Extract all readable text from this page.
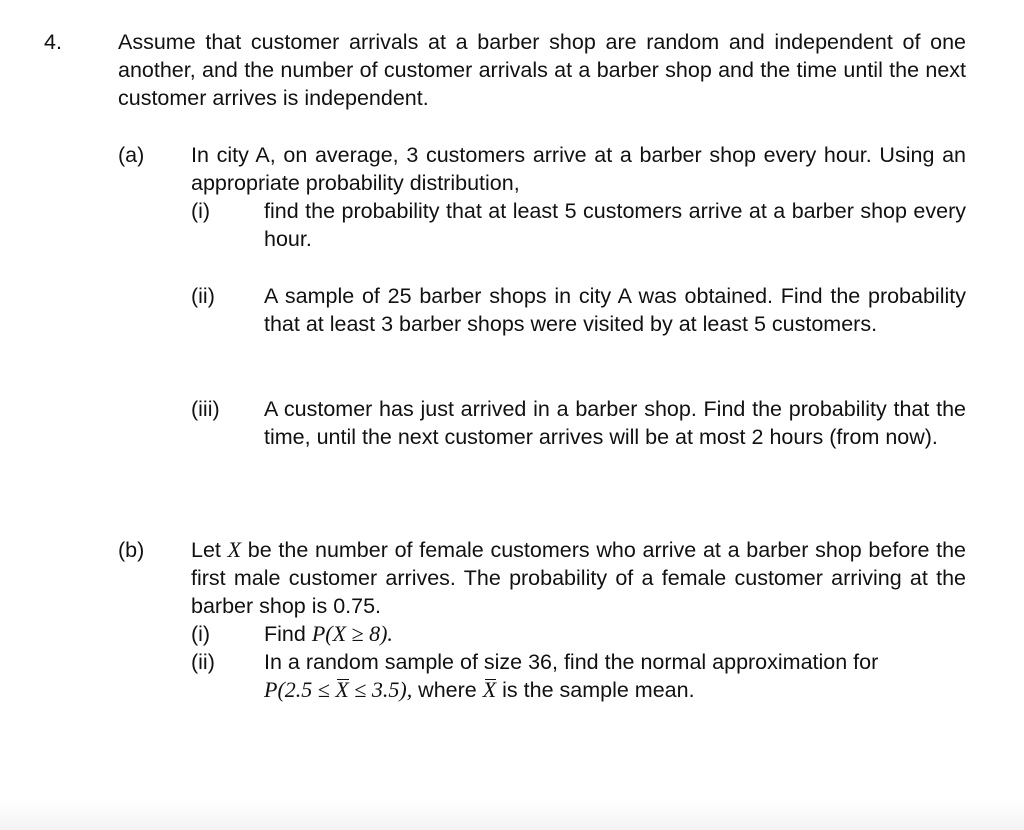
4.	Assume that customer arrivals at a barber shop are random and independent of one another, and the number of customer arrivals at a barber shop and the time until the next customer arrives is independent.
(a) In city A, on average, 3 customers arrive at a barber shop every hour. Using an appropriate probability distribution,
(i)	find the probability that at least 5 customers arrive at a barber shop every hour.
(ii) A sample of 25 barber shops in city A was obtained. Find the probability that at least 3 barber shops were visited by at least 5 customers.
(iii) A customer has just arrived in a barber shop. Find the probability that the time, until the next customer arrives will be at most 2 hours (from now).
(b) Let X be the number of female customers who arrive at a barber shop before the first male customer arrives. The probability of a female customer arriving at the barber shop is 0.75.
(i)	Find P(X ≥ 8).
(ii) In a random sample of size 36, find the normal approximation for
P(2.5 ≤ X ≤ 3.5), where X is the sample mean.
